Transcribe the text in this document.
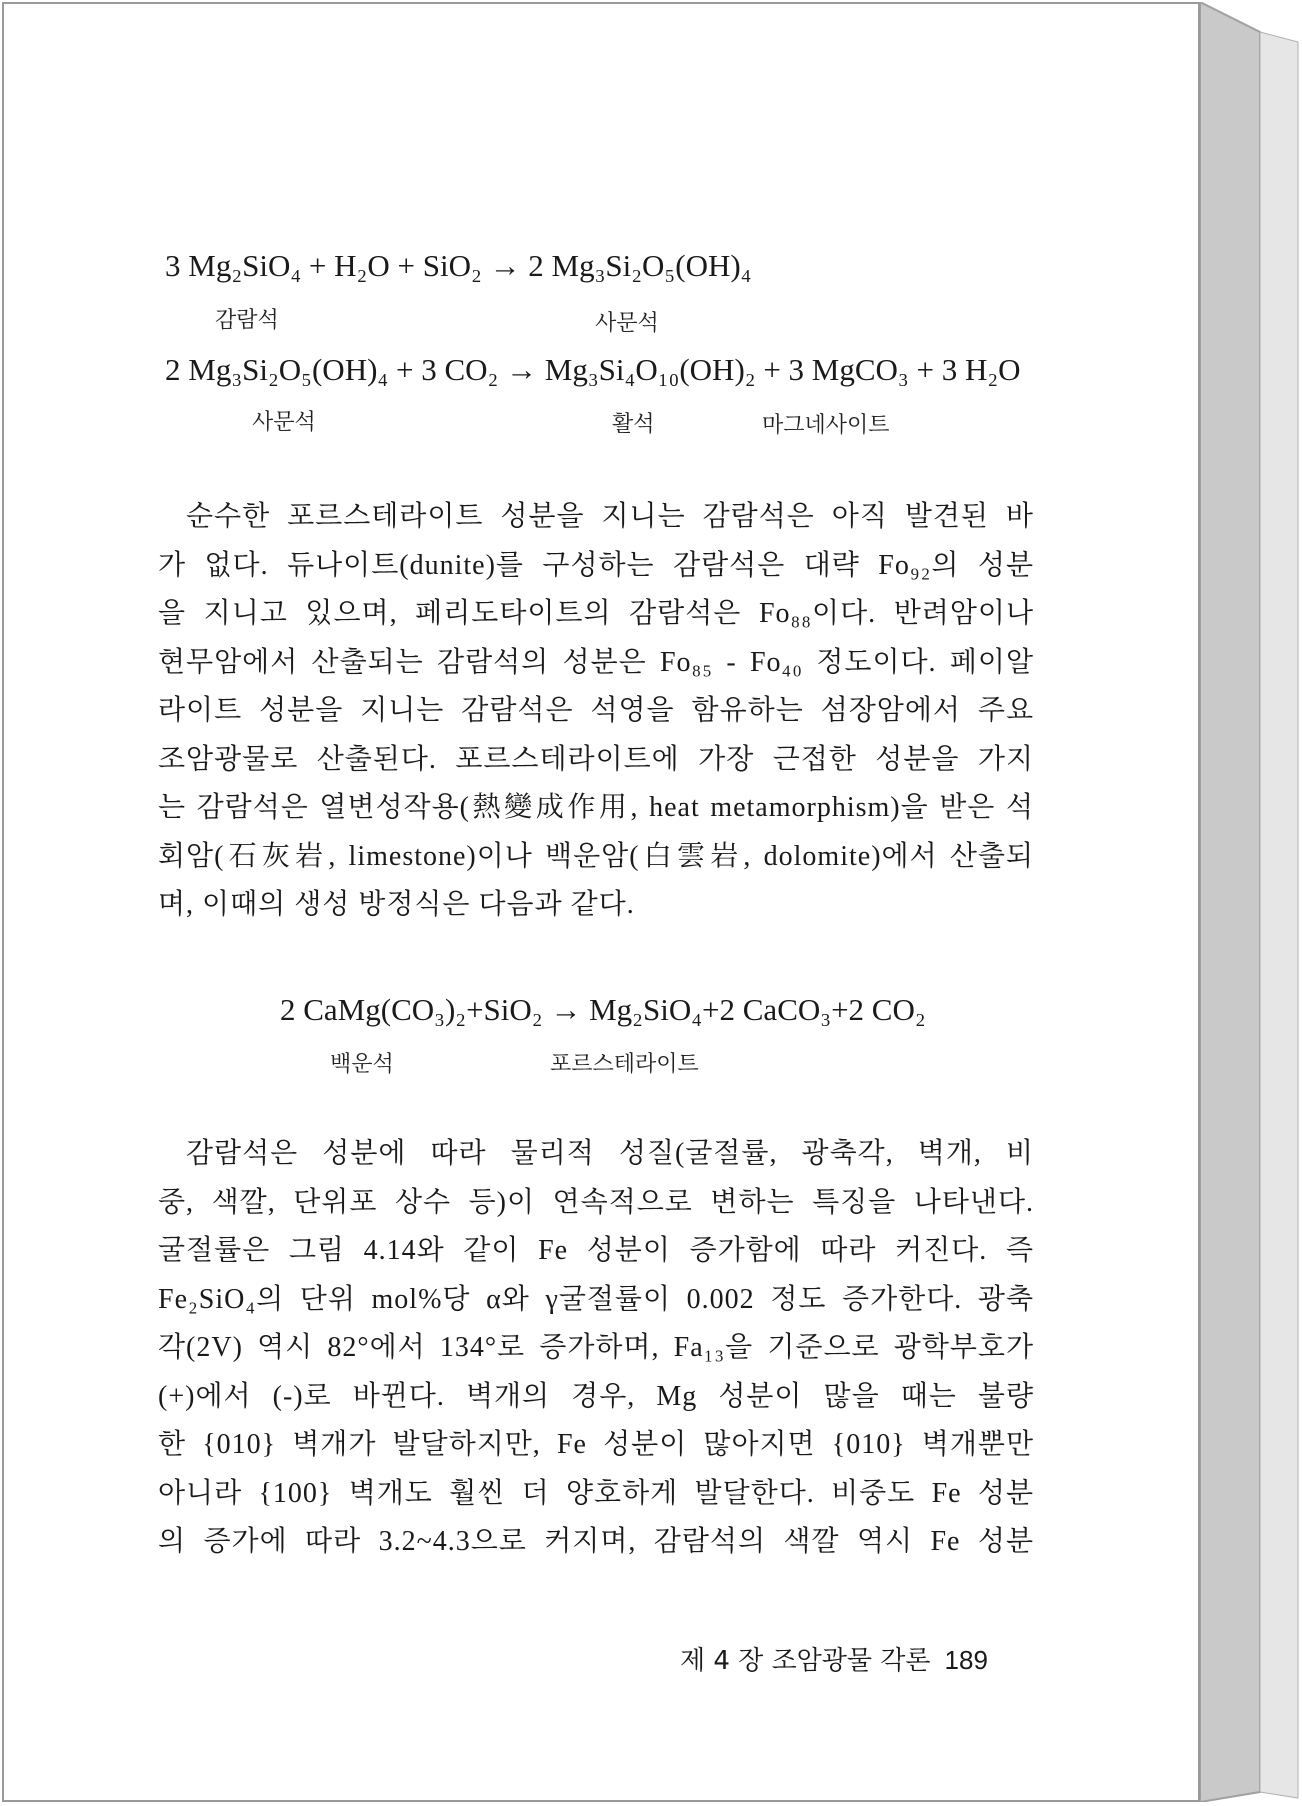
3 Mg₂SiO₄ + H₂O + SiO₂ → 2 Mg₃Si₂O₅(OH)₄
감람석	사문석
2 Mg₃Si₂O₅(OH)₄ + 3 CO₂ → Mg₃Si₄O₁₀(OH)₂ + 3 MgCO₃ + 3 H₂O
사문석	활석	마그네사이트
순수한 포르스테라이트 성분을 지니는 감람석은 아직 발견된 바
가 없다. 듀나이트(dunite)를 구성하는 감람석은 대략 Fo₉₂의 성분
을 지니고 있으며, 페리도타이트의 감람석은 Fo₈₈이다. 반려암이나
현무암에서 산출되는 감람석의 성분은 Fo₈₅ - Fo₄₀ 정도이다. 페이알
라이트 성분을 지니는 감람석은 석영을 함유하는 섬장암에서 주요
조암광물로 산출된다. 포르스테라이트에 가장 근접한 성분을 가지
는 감람석은 열변성작용(熱變成作用, heat metamorphism)을 받은 석
회암(石灰岩, limestone)이나 백운암(白雲岩, dolomite)에서 산출되
며, 이때의 생성 방정식은 다음과 같다.
2 CaMg(CO₃)₂+SiO₂ → Mg₂SiO₄+2 CaCO₃+2 CO₂
백운석	포르스테라이트
감람석은 성분에 따라 물리적 성질(굴절률, 광축각, 벽개, 비
중, 색깔, 단위포 상수 등)이 연속적으로 변하는 특징을 나타낸다.
굴절률은 그림 4.14와 같이 Fe 성분이 증가함에 따라 커진다. 즉
Fe₂SiO₄의 단위 mol%당 α와 γ굴절률이 0.002 정도 증가한다. 광축
각(2V) 역시 82°에서 134°로 증가하며, Fa₁₃을 기준으로 광학부호가
(+)에서 (-)로 바뀐다. 벽개의 경우, Mg 성분이 많을 때는 불량
한 {010} 벽개가 발달하지만, Fe 성분이 많아지면 {010} 벽개뿐만
아니라 {100} 벽개도 훨씬 더 양호하게 발달한다. 비중도 Fe 성분
의 증가에 따라 3.2~4.3으로 커지며, 감람석의 색깔 역시 Fe 성분
제 4 장 조암광물 각론 189
